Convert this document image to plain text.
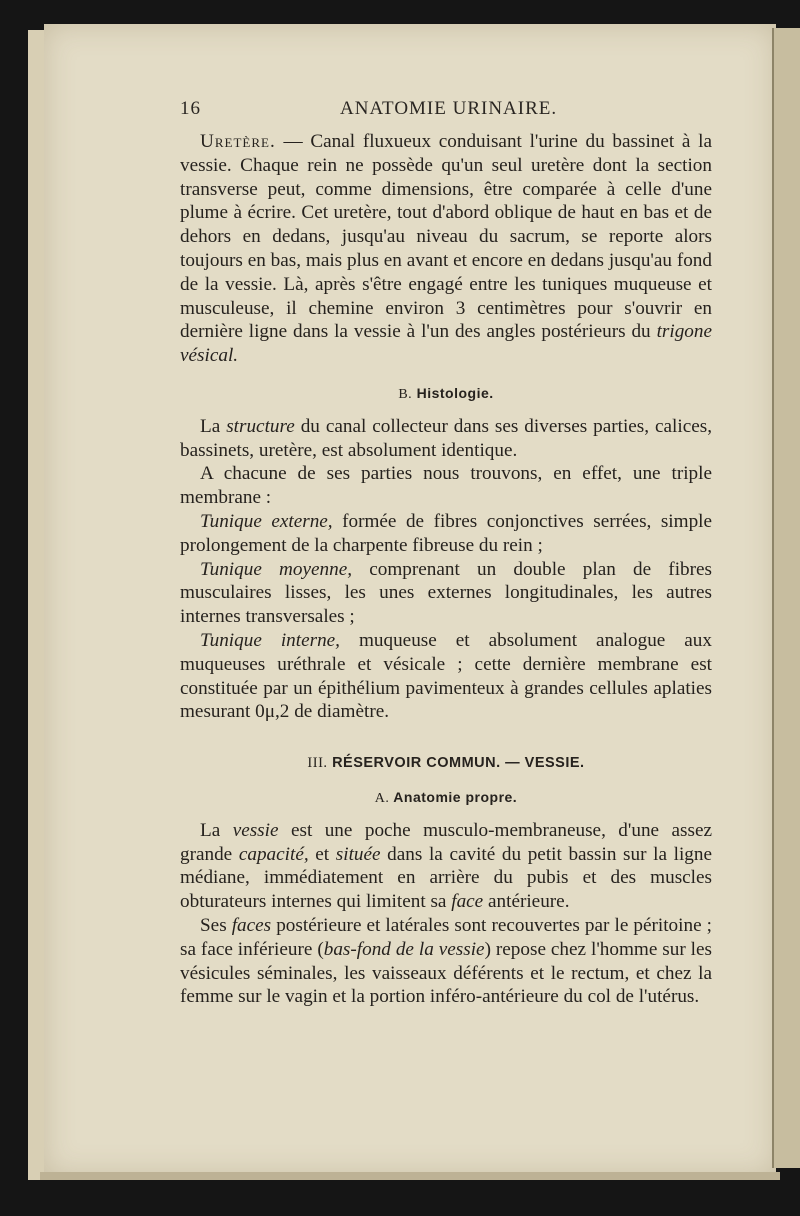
16	ANATOMIE URINAIRE.

Uretère. — Canal fluxueux conduisant l'urine du bassinet à la vessie. Chaque rein ne possède qu'un seul uretère dont la section transverse peut, comme dimensions, être comparée à celle d'une plume à écrire. Cet uretère, tout d'abord oblique de haut en bas et de dehors en dedans, jusqu'au niveau du sacrum, se reporte alors toujours en bas, mais plus en avant et encore en dedans jusqu'au fond de la vessie. Là, après s'être engagé entre les tuniques muqueuse et musculeuse, il chemine environ 3 centimètres pour s'ouvrir en dernière ligne dans la vessie à l'un des angles postérieurs du trigone vésical.

B. Histologie.

La structure du canal collecteur dans ses diverses parties, calices, bassinets, uretère, est absolument identique.

A chacune de ses parties nous trouvons, en effet, une triple membrane :

Tunique externe, formée de fibres conjonctives serrées, simple prolongement de la charpente fibreuse du rein ;

Tunique moyenne, comprenant un double plan de fibres musculaires lisses, les unes externes longitudinales, les autres internes transversales ;

Tunique interne, muqueuse et absolument analogue aux muqueuses uréthrale et vésicale ; cette dernière membrane est constituée par un épithélium pavimenteux à grandes cellules aplaties mesurant 0μ,2 de diamètre.

III. RÉSERVOIR COMMUN. — VESSIE.

A. Anatomie propre.

La vessie est une poche musculo-membraneuse, d'une assez grande capacité, et située dans la cavité du petit bassin sur la ligne médiane, immédiatement en arrière du pubis et des muscles obturateurs internes qui limitent sa face antérieure.

Ses faces postérieure et latérales sont recouvertes par le péritoine ; sa face inférieure (bas-fond de la vessie) repose chez l'homme sur les vésicules séminales, les vaisseaux déférents et le rectum, et chez la femme sur le vagin et la portion inféro-antérieure du col de l'utérus.
